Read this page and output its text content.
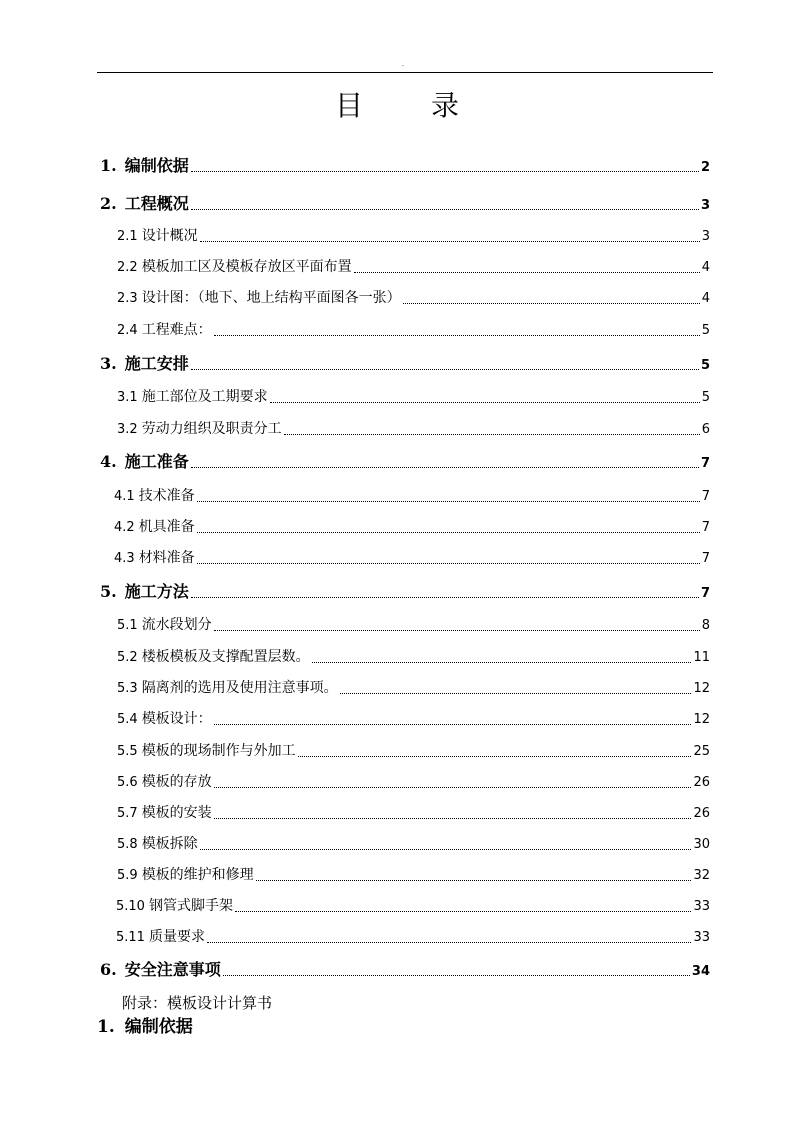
.
目录
1. 编制依据	2
2. 工程概况	3
2.1 设计概况	3
2.2 模板加工区及模板存放区平面布置	4
2.3 设计图：（地下、地上结构平面图各一张）	4
2.4 工程难点：	5
3. 施工安排	5
3.1 施工部位及工期要求	5
3.2 劳动力组织及职责分工	6
4. 施工准备	7
4.1 技术准备	7
4.2 机具准备	7
4.3 材料准备	7
5. 施工方法	7
5.1 流水段划分	8
5.2 楼板模板及支撑配置层数。	11
5.3 隔离剂的选用及使用注意事项。	12
5.4 模板设计：	12
5.5 模板的现场制作与外加工	25
5.6 模板的存放	26
5.7 模板的安装	26
5.8 模板拆除	30
5.9 模板的维护和修理	32
5.10 钢管式脚手架	33
5.11 质量要求	33
6. 安全注意事项	34
附录：模板设计计算书
1. 编制依据
